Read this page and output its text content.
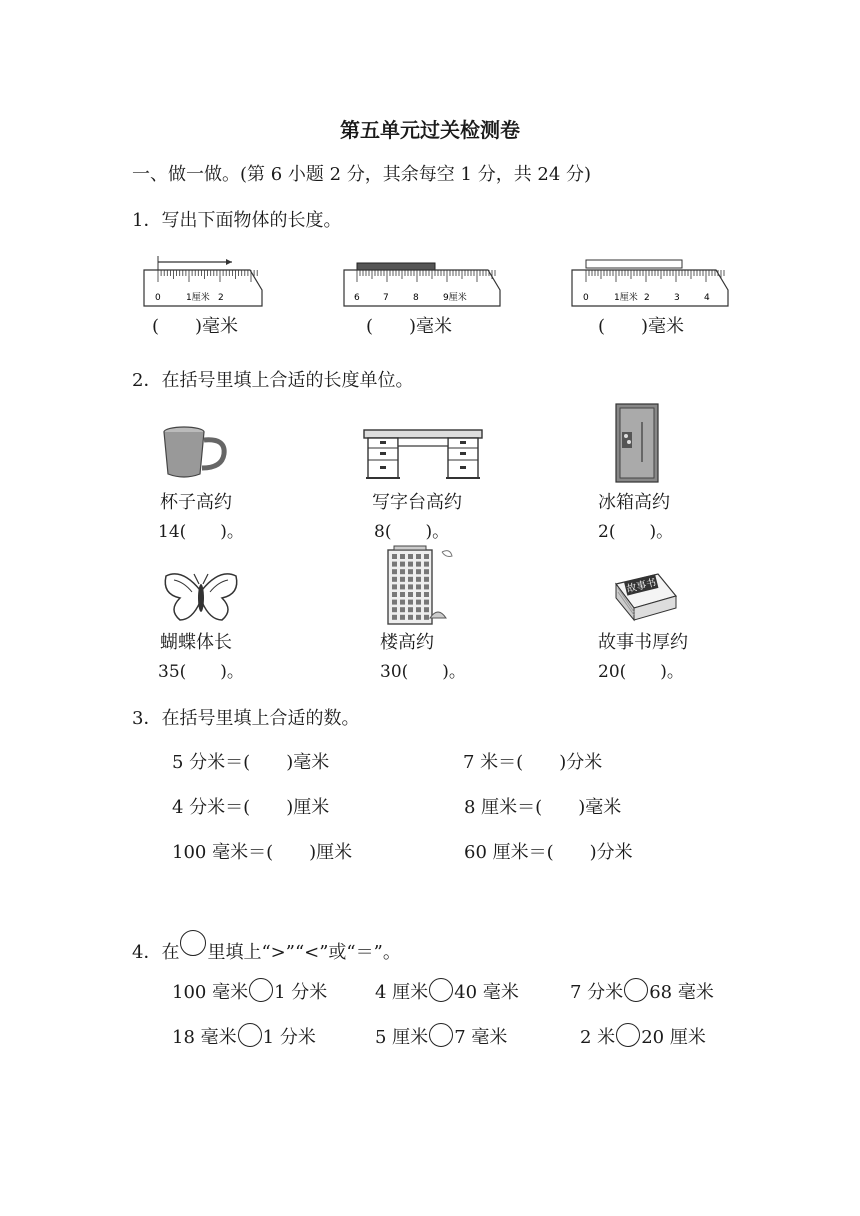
第五单元过关检测卷
一、做一做。(第 6 小题 2 分，其余每空 1 分，共 24 分)
1．写出下面物体的长度。
0	1厘米 2
(　　)毫米
6	7	8	9厘米
(　　)毫米
0	1厘米 2	3	4
(　　)毫米
2．在括号里填上合适的长度单位。
杯子高约
14(　　)。
写字台高约
8(　　)。
冰箱高约
2(　　)。
蝴蝶体长
35(　　)。
楼高约
30(　　)。
故事书
故事书厚约
20(　　)。
3．在括号里填上合适的数。
5 分米＝(　　)毫米	7 米＝(　　)分米
4 分米＝(　　)厘米	8 厘米＝(　　)毫米
100 毫米＝(　　)厘米	60 厘米＝(　　)分米
4．在 里填上“>”“<”或“＝”。
100 毫米 1 分米	4 厘米 40 毫米	7 分米 68 毫米
18 毫米 1 分米	5 厘米 7 毫米	2 米 20 厘米
